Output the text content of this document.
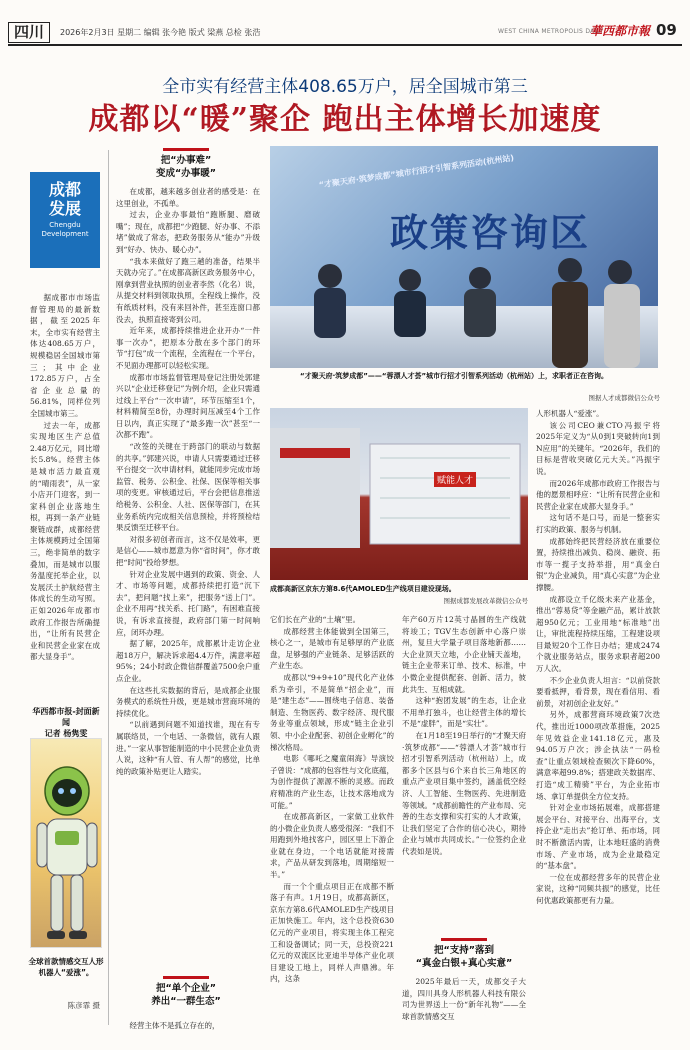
四川	2026年2月3日 星期二 编辑 张今艳 版式 梁燕 总检 张浩	WEST CHINA METROPOLIS DAILY
華西都市報 09
全市实有经营主体408.65万户，居全国城市第三
成都以“暖”聚企 跑出主体增长加速度
成都
发展
Chengdu
Development

据成都市市场监督管理局的最新数据，截至2025年末，全市实有经营主体达408.65万户，规模稳居全国城市第三；其中企业172.85万户，占全省企业总量的56.81%，同样位列全国城市第三。

过去一年，成都实现地区生产总值2.48万亿元，同比增长5.8%。经营主体是城市活力最直观的“晴雨表”，从一家小店开门迎客，到一家科创企业落地生根，再到一条产业链聚链成群，成都经营主体规模跨过全国第三，绝非简单的数字叠加，而是城市以服务温度托举企业，以发展沃土护航经营主体成长的生动写照。正如2026年成都市政府工作报告所确提出，“让所有民营企业和民营企业家在成都大显身手”。

华西都市报-封面新闻
记者 杨隽雯
全球首款情感交互人形机器人“爱涨”。
陈彦霏 摄
把“办事难”
变成“办事暖”

在成都，越来越多创业者的感受是：在这里创业，不孤单。

过去，企业办事最怕“跑断腿、磨破嘴”；现在，成都把“少跑腿、好办事、不添堵”做成了常态，把政务服务从“能办”升级到“好办、快办、暖心办”。

“我本来做好了跑三趟的准备，结果半天就办完了。”在成都高新区政务服务中心，刚拿到营业执照的创业者李然（化名）说，从提交材料到领取执照，全程线上操作，没有纸质材料，没有来回补件，甚至连窗口都没去，执照直接寄到公司。

近年来，成都持续推进企业开办“一件事一次办”，把原本分散在多个部门的环节“打包”成一个流程，全流程在一个平台，不见面办理都可以轻松实现。

成都市市场监督管理局登记注册处郭建兴以“企业迁移登记”为例介绍，企业只需通过线上平台“一次申请”，环节压缩至1个，材料精简至8份，办理时间压减至4个工作日以内，真正实现了“最多跑一次”甚至“一次都不跑”。

“改签的关键在于跨部门的联动与数据的共享。”郭建兴说，申请人只需要通过迁移平台提交一次申请材料，就能同步完成市场监管、税务、公积金、社保、医保等相关事项的变更。审核通过后，平台会把信息推送给税务、公积金、人社、医保等部门，在其业务系统内完成相关信息预检，并将预检结果反馈至迁移平台。

对很多初创者而言，这不仅是效率，更是信心——城市愿意为你“省时间”，你才敢把“时间”投给梦想。

针对企业发展中遇到的政策、资金、人才、市场等问题，成都持续把打造“沉下去”，把问题“找上来”，把服务“送上门”。企业不用再“找关系、托门路”，有困难直接说，有诉求直接提，政府部门第一时间响应，闭环办理。

据了解，2025年，成都累计走访企业超18万户，解决诉求超4.4万件，满意率超95%；24小时政企微信群覆盖7500余户重点企业。

在这些扎实数据的背后，是成都企业服务模式的系统性升级，更是城市营商环境的持续优化。

“以前遇到问题不知道找谁，现在有专属联络员，一个电话、一条微信，就有人跟进。”一家从事智能制造的中小民营企业负责人说，这种“有人管、有人帮”的感觉，比单纯的政策补贴更让人踏实。

把“单个企业”
养出“一群生态”

经营主体不是孤立存在的，

“才聚天府·筑梦成都”城市行招才引智系列活动(杭州站)
政策咨询区
“才聚天府·筑梦成都”——“蓉漂人才荟”城市行招才引智系列活动（杭州站）上，求职者正在咨询。
图据人才成都微信公众号
赋能人才
成都高新区京东方第8.6代AMOLED生产线项目建设现场。
图据成都发展改革微信公众号

它们长在产业的“土壤”里。

成都经营主体能做到全国第三，核心之一，是城市有足够厚的产业底盘，足够强的产业链条、足够活跃的产业生态。

成都以“9+9+10”现代化产业体系为牵引，不是简单“招企业”，而是“建生态”——围绕电子信息、装备制造、生物医药、数字经济、现代服务业等重点领域，形成“链主企业引领、中小企业配套、初创企业孵化”的梯次格局。

电影《哪吒之魔童闹海》导演饺子曾说：“成都的包容性与文化底蕴，为创作提供了源源不断的灵感。而政府精准的产业生态，让技术落地成为可能。”

在成都高新区，一家做工业软件的小微企业负责人感受很深：“我们不用跑到外地找客户，园区里上下游企业就在身边，一个电话就能对接需求，产品从研发到落地，周期缩短一半。”

而一个个重点项目正在成都不断落子有声。1月19日，成都高新区，京东方第8.6代AMOLED生产线项目正加快施工。年内，这个总投资630亿元的产业项目，将实现主体工程完工和设备调试；同一天，总投资221亿元的双流区比亚迪半导体产业化项目建设工地上，同样人声鼎沸。年内，这条

年产60万片12英寸晶圆的生产线就将竣工；TGV生态创新中心落户崇州，复旦大学量子项目落地新都……大企业顶天立地，小企业铺天盖地，链主企业带来订单、技术、标准，中小微企业提供配套、创新、活力，彼此共生、互相成就。

这种“抱团发展”的生态，让企业不用单打独斗，也让经营主体的增长不是“虚胖”，而是“实壮”。

在1月18至19日举行的“才聚天府·筑梦成都”——“蓉漂人才荟”城市行招才引智系列活动（杭州站）上，成都多个区县与6个来自长三角地区的重点产业项目集中签约，涵盖低空经济、人工智能、生物医药、先进制造等领域。“成都前瞻性的产业布局、完善的生态支撑和实打实的人才政策，让我们坚定了合作的信心决心，期待企业与城市共同成长。”一位签约企业代表如是说。

把“支持”落到
“真金白银+真心实意”

2025年最后一天，成都交子大道，四川具身人形机器人科技有限公司为世界送上一份“新年礼物”——全球首款情感交互

人形机器人“爱涨”。

该公司CEO兼CTO冯振宇将2025年定义为“从0到1突破转向1到N应用”的关键年。“2026年，我们的目标是营收突破亿元大关。”冯振宇说。

而2026年成都市政府工作报告与他的愿景相呼应：“让所有民营企业和民营企业家在成都大显身手。”

这句话不是口号，而是一整套实打实的政策、服务与机制。

成都始终把民营经济放在重要位置，持续推出减负、稳岗、融资、拓市等一揽子支持举措，用“真金白银”为企业减负，用“真心实意”为企业撑腰。

成都设立千亿级未来产业基金，推出“蓉易贷”等金融产品，累计放款超950亿元；工业用地“标准地”出让，审批流程持续压缩，工程建设项目最短20个工作日办结；建成2474个就业服务站点，服务求职者超200万人次。

不少企业负责人坦言：“以前贷款要看抵押，看背景，现在看信用、看前景，对初创企业友好。”

另外，成都营商环境政策7次迭代，推出近1000项改革措施，2025年见效益企业141.18亿元，惠及94.05万户次；涉企执法“一码检查”让重点领域检查频次下降60%，满意率超99.8%；搭建政关数据库、打造“成工精骑”平台，为企业拓市场、拿订单提供全方位支持。

针对企业市场拓展难，成都搭建展会平台、对接平台、出海平台，支持企业“走出去”抢订单、拓市场，同时不断激活内需，让本地旺盛的消费市场、产业市场，成为企业最稳定的“基本盘”。

一位在成都经营多年的民营企业家说，这种“同频共振”的感觉，比任何优惠政策都更有力量。
